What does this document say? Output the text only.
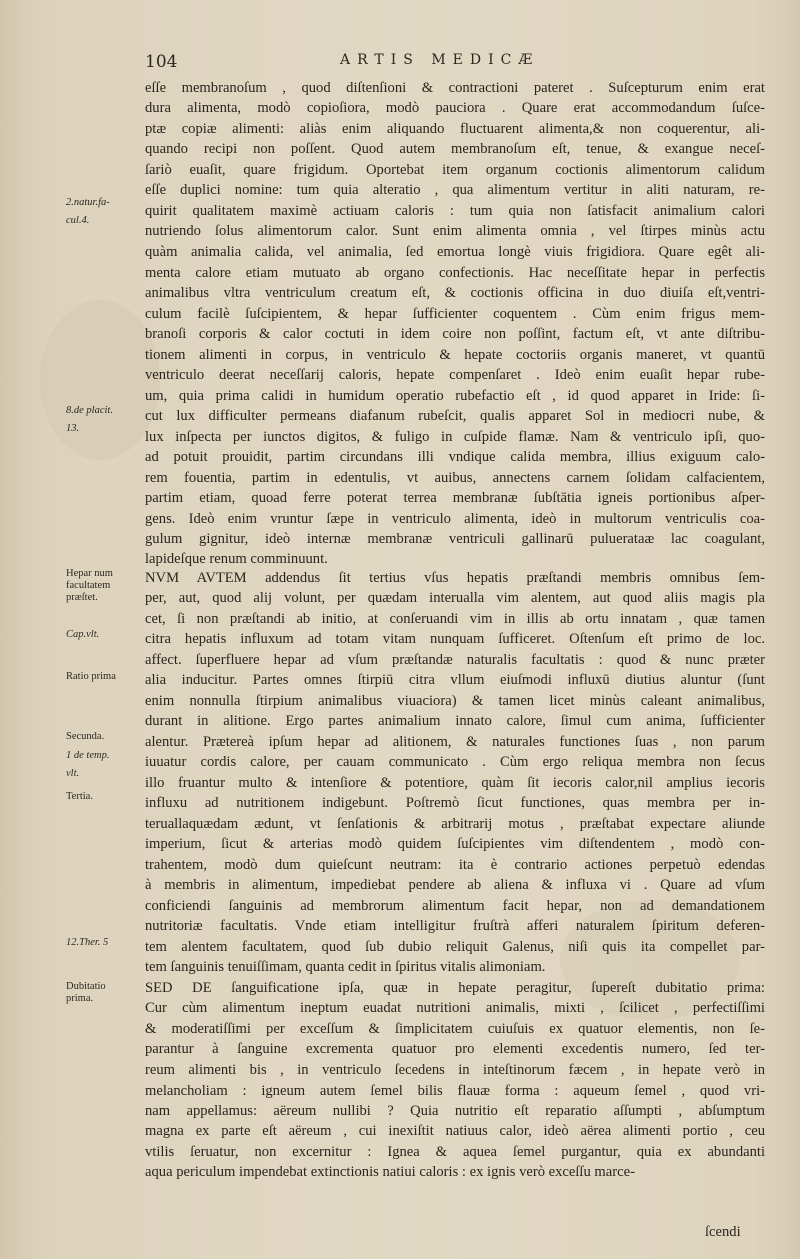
104	ARTIS MEDICÆ
eſſe membranoſum , quod diſtenſioni & contractioni pateret . Suſcepturum enim erat
dura alimenta, modò copioſiora, modò pauciora . Quare erat accommodandum ſuſce-
ptæ copiæ alimenti: aliàs enim aliquando fluctuarent alimenta,& non coquerentur, ali-
quando recipi non poſſent. Quod autem membranoſum eſt, tenue, & exangue neceſ-
ſariò euaſit, quare frigidum. Oportebat item organum coctionis alimentorum calidum
eſſe duplici nomine: tum quia alteratio , qua alimentum vertitur in aliti naturam, re-
quirit qualitatem maximè actiuam caloris : tum quia non ſatisfacit animalium calori
nutriendo ſolus alimentorum calor. Sunt enim alimenta omnia , vel ſtirpes minùs actu
quàm animalia calida, vel animalia, ſed emortua longè viuis frigidiora. Quare egêt ali-
menta calore etiam mutuato ab organo confectionis. Hac neceſſitate hepar in perfectis
animalibus vltra ventriculum creatum eſt, & coctionis officina in duo diuiſa eſt,ventri-
culum facilè ſuſcipientem, & hepar ſufficienter coquentem . Cùm enim frigus mem-
branoſi corporis & calor coctuti in idem coire non poſſint, factum eſt, vt ante diſtribu-
tionem alimenti in corpus, in ventriculo & hepate coctoriis organis maneret, vt quantū
ventriculo deerat neceſſarij caloris, hepate compenſaret . Ideò enim euaſit hepar rube-
um, quia prima calidi in humidum operatio rubefactio eſt , id quod apparet in Iride: ſi-
cut lux difficulter permeans diafanum rubeſcit, qualis apparet Sol in mediocri nube, &
lux inſpecta per iunctos digitos, & fuligo in cuſpide flamæ. Nam & ventriculo ipſi, quo-
ad potuit prouidit, partim circundans illi vndique calida membra, illius exiguum calo-
rem fouentia, partim in edentulis, vt auibus, annectens carnem ſolidam calfacientem,
partim etiam, quoad ferre poterat terrea membranæ ſubſtātia igneis portionibus aſper-
gens. Ideò enim vruntur ſæpe in ventriculo alimenta, ideò in multorum ventriculis coa-
gulum gignitur, ideò internæ membranæ ventriculi gallinarū puluerataæ lac coagulant,
lapideſque renum comminuunt.
NVM AVTEM addendus ſit tertius vſus hepatis præſtandi membris omnibus ſem-
per, aut, quod alij volunt, per quædam interualla vim alentem, aut quod aliis magis pla
cet, ſi non præſtandi ab initio, at conſeruandi vim in illis ab ortu innatam , quæ tamen
citra hepatis influxum ad totam vitam nunquam ſufficeret. Oſtenſum eſt primo de loc.
affect. ſuperfluere hepar ad vſum præſtandæ naturalis facultatis : quod & nunc præter
alia inducitur. Partes omnes ſtirpiū citra vllum eiuſmodi influxū diutius aluntur (ſunt
enim nonnulla ſtirpium animalibus viuaciora) & tamen licet minùs caleant animalibus,
durant in alitione. Ergo partes animalium innato calore, ſimul cum anima, ſufficienter
alentur. Prætereà ipſum hepar ad alitionem, & naturales functiones ſuas , non parum
iuuatur cordis calore, per cauam communicato . Cùm ergo reliqua membra non ſecus
illo fruantur multo & intenſiore & potentiore, quàm ſit iecoris calor,nil amplius iecoris
influxu ad nutritionem indigebunt. Poſtremò ſicut functiones, quas membra per in-
teruallaquædam ædunt, vt ſenſationis & arbitrarij motus , præſtabat expectare aliunde
imperium, ſicut & arterias modò quidem ſuſcipientes vim diſtendentem , modò con-
trahentem, modò dum quieſcunt neutram: ita è contrario actiones perpetuò edendas
à membris in alimentum, impediebat pendere ab aliena & influxa vi . Quare ad vſum
conficiendi ſanguinis ad membrorum alimentum facit hepar, non ad demandationem
nutritoriæ facultatis. Vnde etiam intelligitur fruſtrà afferi naturalem ſpiritum deferen-
tem alentem facultatem, quod ſub dubio reliquit Galenus, niſi quis ita compellet par-
tem ſanguinis tenuiſſimam, quanta cedit in ſpiritus vitalis alimoniam.
SED DE ſanguificatione ipſa, quæ in hepate peragitur, ſupereſt dubitatio prima:
Cur cùm alimentum ineptum euadat nutritioni animalis, mixti , ſcilicet , perfectiſſimi
& moderatiſſimi per exceſſum & ſimplicitatem cuiuſuis ex quatuor elementis, non ſe-
parantur à ſanguine excrementa quatuor pro elementi excedentis numero, ſed ter-
reum alimenti bis , in ventriculo ſecedens in inteſtinorum fæcem , in hepate verò in
melancholiam : igneum autem ſemel bilis flauæ forma : aqueum ſemel , quod vri-
nam appellamus: aëreum nullibi ? Quia nutritio eſt reparatio aſſumpti , abſumptum
magna ex parte eſt aëreum , cui inexiſtit natiuus calor, ideò aërea alimenti portio , ceu
vtilis ſeruatur, non excernitur : Ignea & aquea ſemel purgantur, quia ex abundanti
aqua periculum impendebat extinctionis natiui caloris : ex ignis verò exceſſu marce-
2.natur.fa-
cul.4.
8.de placit.
13.
Hepar num
facultatem
præſtet.
Cap.vlt.
Ratio prima
Secunda.
1 de temp.
vlt.
Tertia.
12.Ther. 5
Dubitatio
prima.
ſcendi
